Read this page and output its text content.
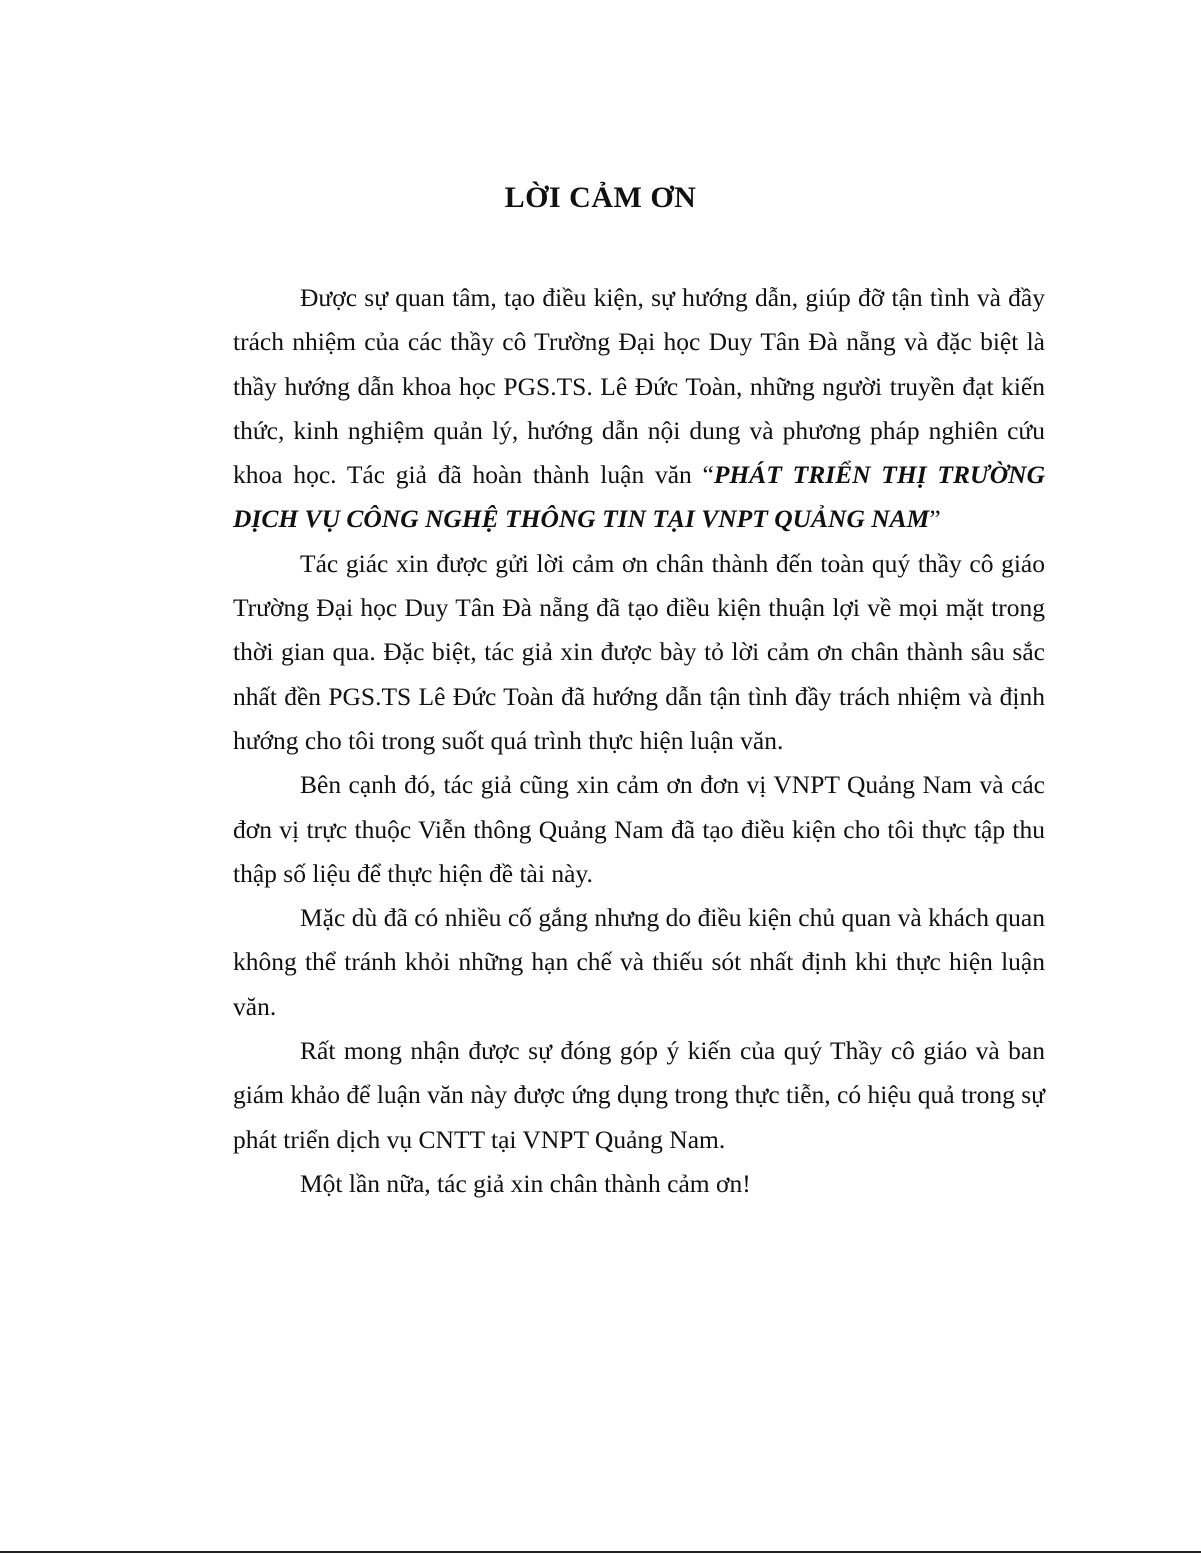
LỜI CẢM ƠN

Được sự quan tâm, tạo điều kiện, sự hướng dẫn, giúp đỡ tận tình và đầy trách nhiệm của các thầy cô Trường Đại học Duy Tân Đà nẵng và đặc biệt là thầy hướng dẫn khoa học PGS.TS. Lê Đức Toàn, những người truyền đạt kiến thức, kinh nghiệm quản lý, hướng dẫn nội dung và phương pháp nghiên cứu khoa học. Tác giả đã hoàn thành luận văn “PHÁT TRIỂN THỊ TRƯỜNG DỊCH VỤ CÔNG NGHỆ THÔNG TIN TẠI VNPT QUẢNG NAM”

Tác giác xin được gửi lời cảm ơn chân thành đến toàn quý thầy cô giáo Trường Đại học Duy Tân Đà nẵng đã tạo điều kiện thuận lợi về mọi mặt trong thời gian qua. Đặc biệt, tác giả xin được bày tỏ lời cảm ơn chân thành sâu sắc nhất đền PGS.TS Lê Đức Toàn đã hướng dẫn tận tình đầy trách nhiệm và định hướng cho tôi trong suốt quá trình thực hiện luận văn.

Bên cạnh đó, tác giả cũng xin cảm ơn đơn vị VNPT Quảng Nam và các đơn vị trực thuộc Viễn thông Quảng Nam đã tạo điều kiện cho tôi thực tập thu thập số liệu để thực hiện đề tài này.

Mặc dù đã có nhiều cố gắng nhưng do điều kiện chủ quan và khách quan không thể tránh khỏi những hạn chế và thiếu sót nhất định khi thực hiện luận văn.

Rất mong nhận được sự đóng góp ý kiến của quý Thầy cô giáo và ban giám khảo để luận văn này được ứng dụng trong thực tiễn, có hiệu quả trong sự phát triển dịch vụ CNTT tại VNPT Quảng Nam.

Một lần nữa, tác giả xin chân thành cảm ơn!
